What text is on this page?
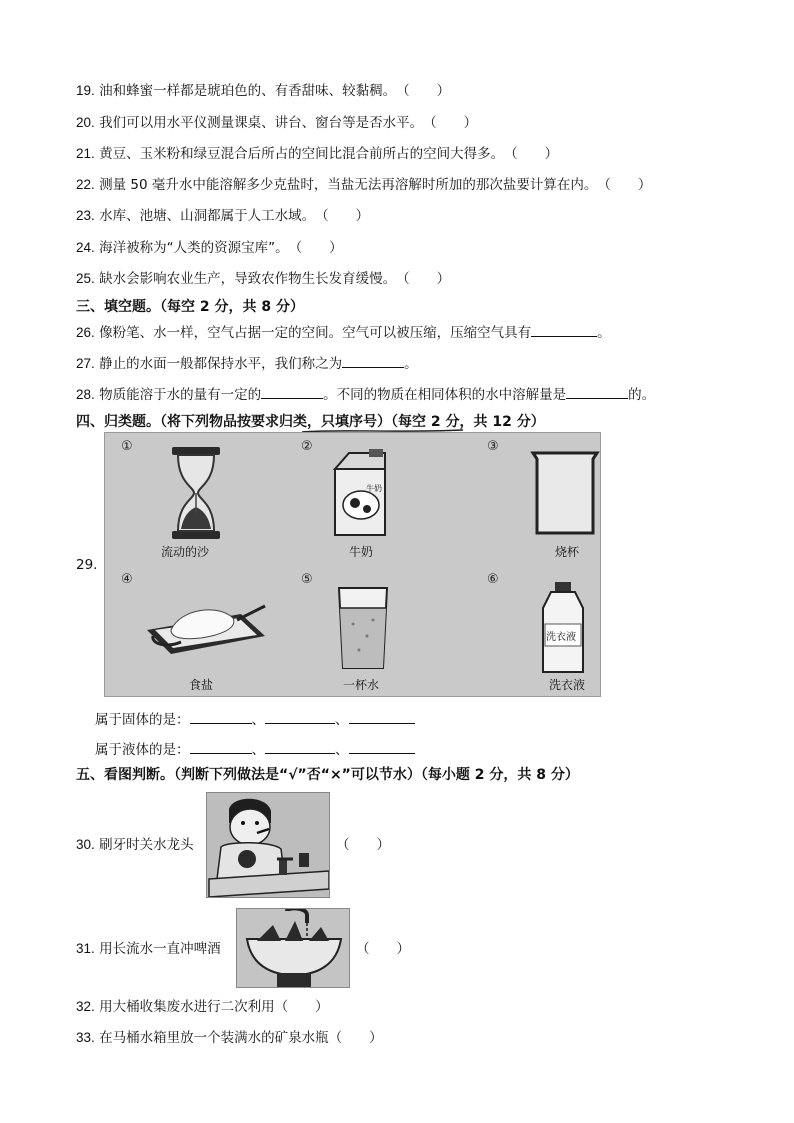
19. 油和蜂蜜一样都是琥珀色的、有香甜味、较黏稠。（　　）
20. 我们可以用水平仪测量课桌、讲台、窗台等是否水平。（　　）
21. 黄豆、玉米粉和绿豆混合后所占的空间比混合前所占的空间大得多。（　　）
22. 测量 50 毫升水中能溶解多少克盐时，当盐无法再溶解时所加的那次盐要计算在内。（　　）
23. 水库、池塘、山洞都属于人工水域。（　　）
24. 海洋被称为“人类的资源宝库”。（　　）
25. 缺水会影响农业生产，导致农作物生长发育缓慢。（　　）
三、填空题。（每空 2 分，共 8 分）
26. 像粉笔、水一样，空气占据一定的空间。空气可以被压缩，压缩空气具有	。
27. 静止的水面一般都保持水平，我们称之为	。
28. 物质能溶于水的量有一定的	。不同的物质在相同体积的水中溶解量是	的。
四、归类题。（将下列物品按要求归类，只填序号）（每空 2 分，共 12 分）
29.
①
流动的沙
②
牛奶
牛奶
③
烧杯
④
食盐
⑤
一杯水
⑥
洗衣液
洗衣液
属于固体的是：	、	、
属于液体的是：	、	、
五、看图判断。（判断下列做法是“√”否“×”可以节水）（每小题 2 分，共 8 分）
30. 刷牙时关水龙头	（　　）
31. 用长流水一直冲啤酒	（　　）
32. 用大桶收集废水进行二次利用（　　）
33. 在马桶水箱里放一个装满水的矿泉水瓶（　　）
